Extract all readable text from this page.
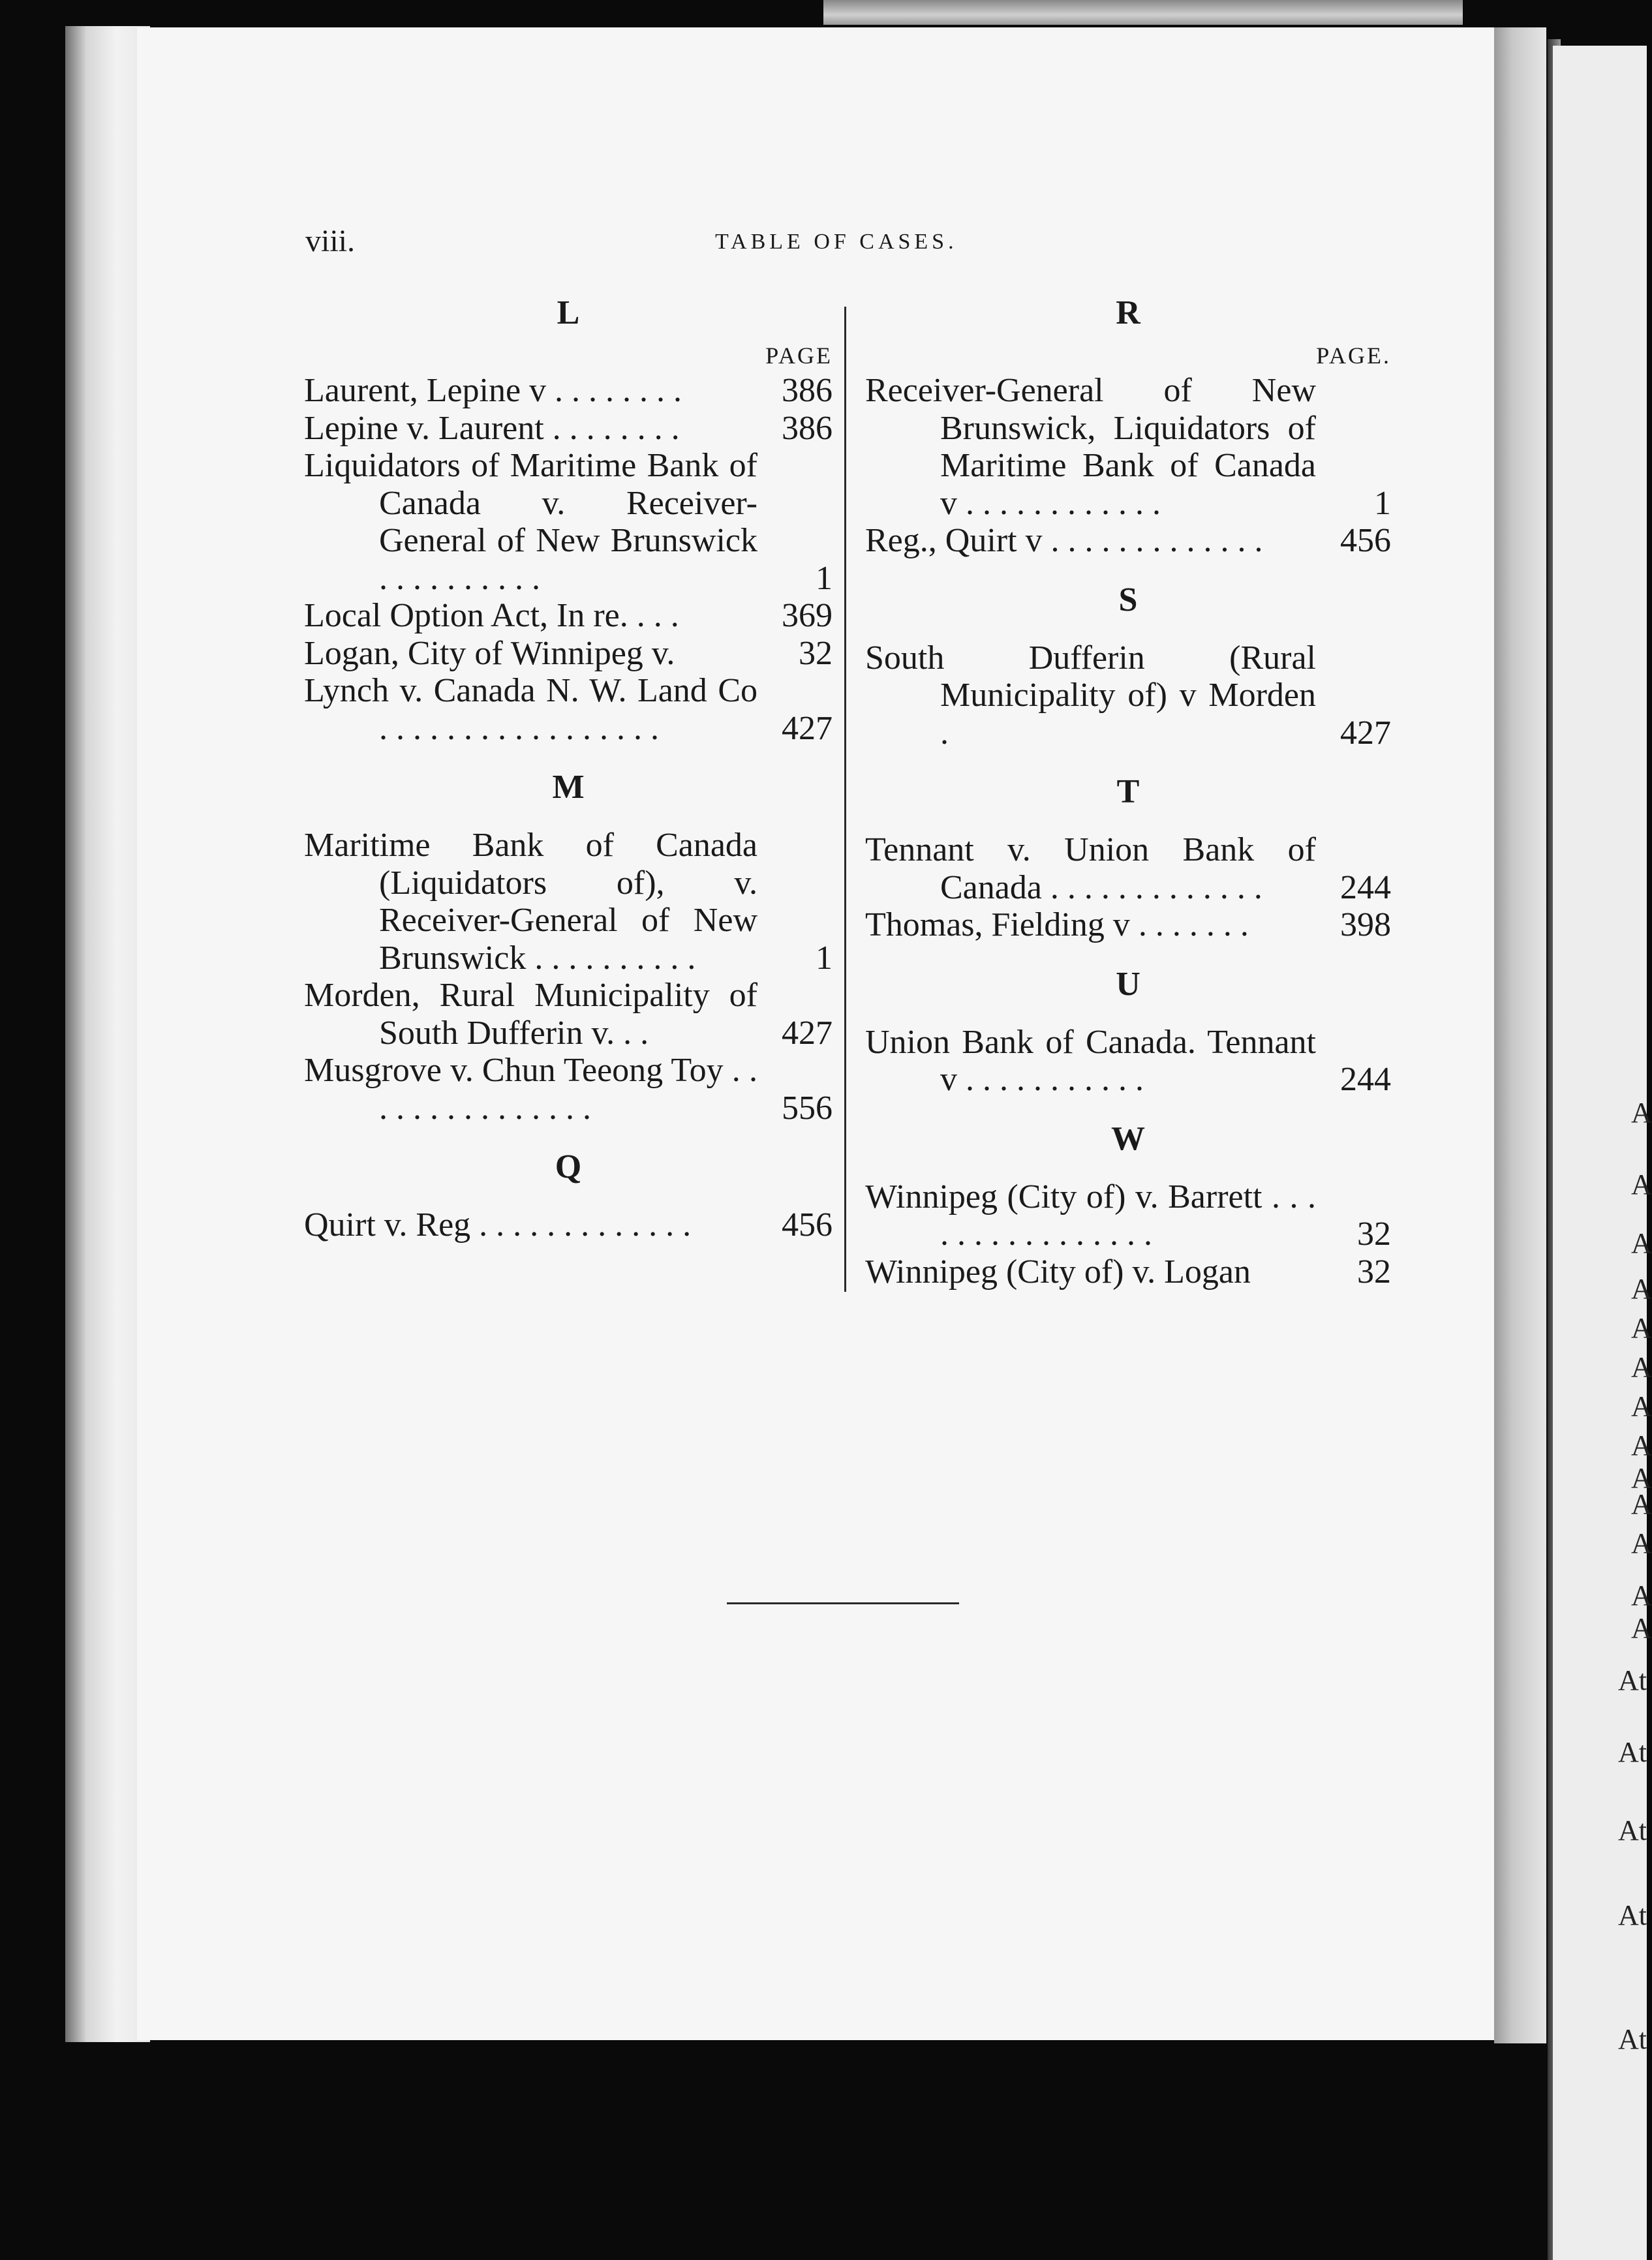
A
A
A
A
A
A
A
A
A
A
A
A
A
At
At
At
At
At
viii.	TABLE OF CASES.
L
PAGE
Laurent, Lepine v . . . . . . . .	386
Lepine v. Laurent . . . . . . . .	386
Liquidators of Maritime Bank of Canada v. Receiver-General of New Brunswick . . . . . . . . . .	1
Local Option Act, In re. . . .	369
Logan, City of Winnipeg v.	32
Lynch v. Canada N. W. Land Co . . . . . . . . . . . . . . . . .	427
M
Maritime Bank of Canada (Liquidators of), v. Receiver-General of New Brunswick . . . . . . . . . .	1
Morden, Rural Municipality of South Dufferin v. . .	427
Musgrove v. Chun Teeong Toy . . . . . . . . . . . . . . .	556
Q
Quirt v. Reg . . . . . . . . . . . . .	456
R
PAGE.
Receiver-General of New Brunswick, Liquidators of Maritime Bank of Canada v . . . . . . . . . . . .	1
Reg., Quirt v . . . . . . . . . . . . .	456
S
South Dufferin (Rural Municipality of) v Morden .	427
T
Tennant v. Union Bank of Canada . . . . . . . . . . . . .	244
Thomas, Fielding v . . . . . . .	398
U
Union Bank of Canada. Tennant v . . . . . . . . . . .	244
W
Winnipeg (City of) v. Barrett . . . . . . . . . . . . . . . .	32
Winnipeg (City of) v. Logan	32
